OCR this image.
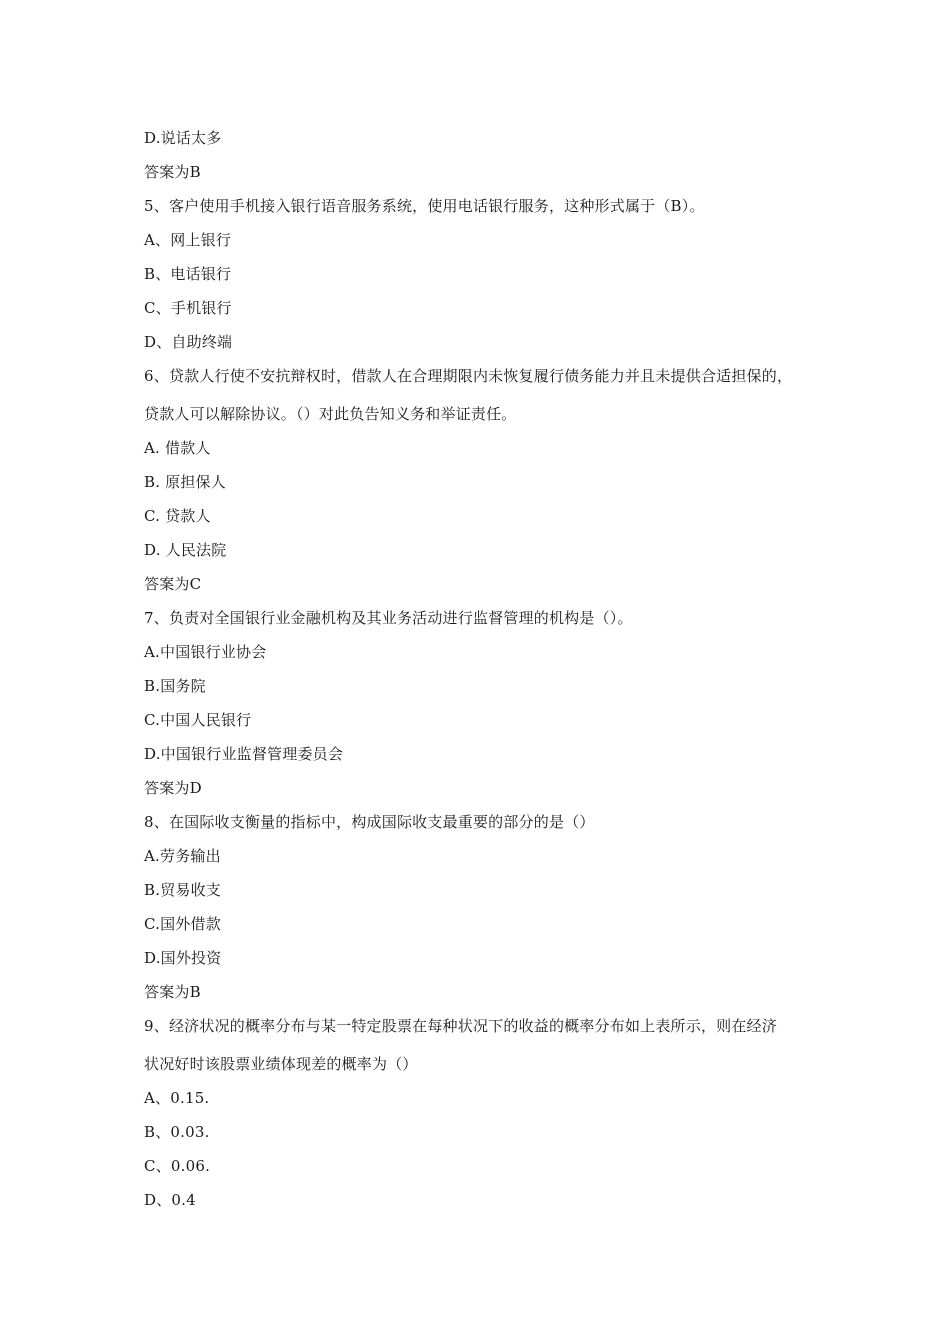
D.说话太多
答案为B
5、客户使用手机接入银行语音服务系统，使用电话银行服务，这种形式属于（B）。
A、网上银行
B、电话银行
C、手机银行
D、自助终端
6、贷款人行使不安抗辩权时，借款人在合理期限内未恢复履行债务能力并且未提供合适担保的，
贷款人可以解除协议。（）对此负告知义务和举证责任。
A. 借款人
B. 原担保人
C. 贷款人
D. 人民法院
答案为C
7、负责对全国银行业金融机构及其业务活动进行监督管理的机构是（）。
A.中国银行业协会
B.国务院
C.中国人民银行
D.中国银行业监督管理委员会
答案为D
8、在国际收支衡量的指标中，构成国际收支最重要的部分的是（）
A.劳务输出
B.贸易收支
C.国外借款
D.国外投资
答案为B
9、经济状况的概率分布与某一特定股票在每种状况下的收益的概率分布如上表所示，则在经济
状况好时该股票业绩体现差的概率为（）
A、0.15.
B、0.03.
C、0.06.
D、0.4
